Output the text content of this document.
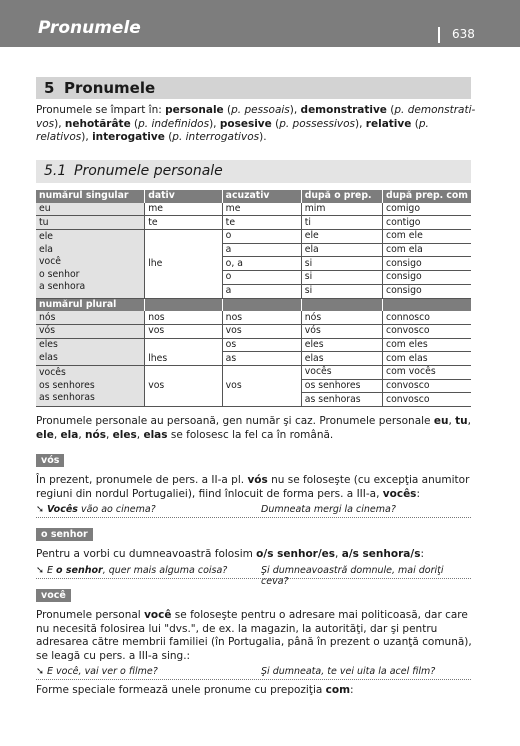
Pronumele	638
5 Pronumele
Pronumele se împart în: personale (p. pessoais), demonstrative (p. demonstrati-vos), nehotărâte (p. indefinidos), posesive (p. possessivos), relative (p. relativos), interogative (p. interrogativos).
5.1 Pronumele personale
numărul singular	dativ	acuzativ	după o prep.	după prep. com
eu	me	me	mim	comigo
tu	te	te	ti	contigo

ele
ela
você
o senhor
a senhora	lhe	o	ele	com ele
		a	ela	com ela
		o, a	si	consigo
		o	si	consigo
		a	si	consigo
numărul plural				
nós	nos	nos	nós	connosco
vós	vos	vos	vós	convosco

eles
elas	lhes	os	eles	com eles
		as	elas	com elas

vocês
os senhores
as senhoras	vos	vos	vocês	com vocês
			os senhores	convosco
			as senhoras	convosco
Pronumele personale au persoană, gen număr şi caz. Pronumele personale eu, tu, ele, ela, nós, eles, elas se folosesc la fel ca în română.
vós
În prezent, pronumele de pers. a II-a pl. vós nu se foloseşte (cu excepţia anumitor regiuni din nordul Portugaliei), fiind înlocuit de forma pers. a III-a, vocês:
➘ Vocês vão ao cinema?	Dumneata mergi la cinema?
o senhor
Pentru a vorbi cu dumneavoastră folosim o/s senhor/es, a/s senhora/s:
➘ E o senhor, quer mais alguma coisa?	Şi dumneavoastră domnule, mai doriţi ceva?
você
Pronumele personal você se foloseşte pentru o adresare mai politicoasă, dar care nu necesită folosirea lui "dvs.", de ex. la magazin, la autorităţi, dar şi pentru adresarea către membrii familiei (în Portugalia, până în prezent o uzanţă comună), se leagă cu pers. a III-a sing.:
➘ E você, vai ver o filme?	Şi dumneata, te vei uita la acel film?
Forme speciale formează unele pronume cu prepoziţia com:
